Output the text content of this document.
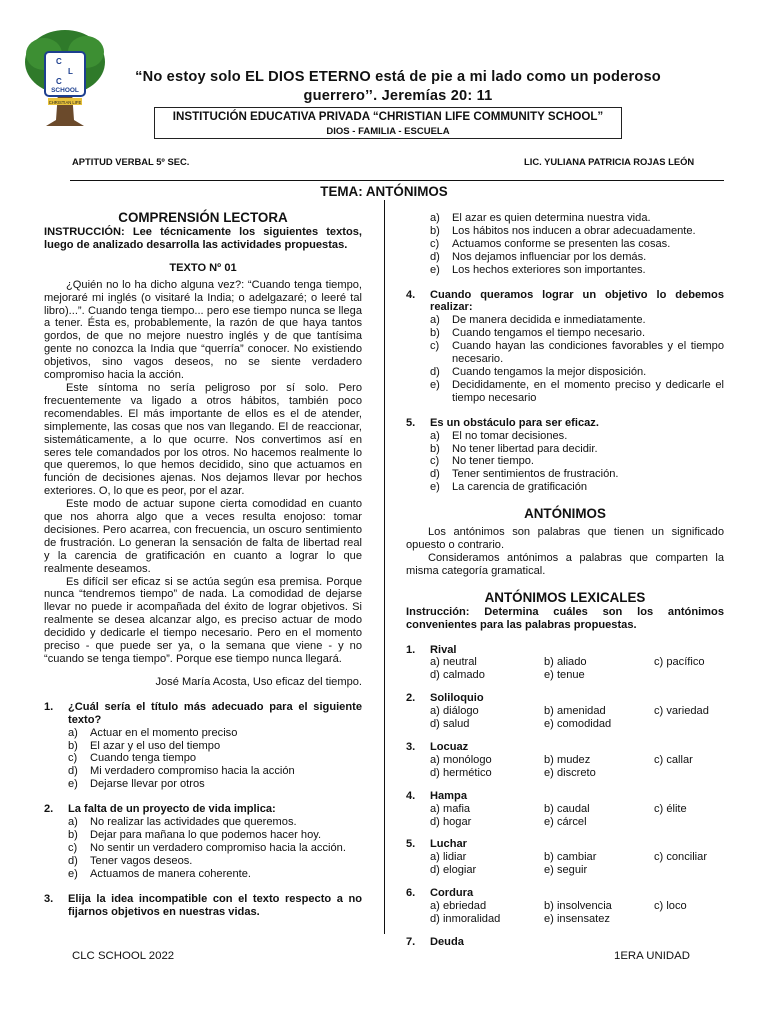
C
L
C
SCHOOL
CHRISTIAN LIFE
“No estoy solo EL DIOS ETERNO está de pie a mi lado como un poderoso guerrero’’. Jeremías 20: 11
INSTITUCIÓN EDUCATIVA PRIVADA “CHRISTIAN LIFE COMMUNITY SCHOOL”
DIOS - FAMILIA - ESCUELA
APTITUD VERBAL 5º SEC.	LIC. YULIANA PATRICIA ROJAS LEÓN
TEMA: ANTÓNIMOS
COMPRENSIÓN LECTORA
INSTRUCCIÓN: Lee técnicamente los siguientes textos, luego de analizado desarrolla las actividades propuestas.
TEXTO Nº 01
¿Quién no lo ha dicho alguna vez?: “Cuando tenga tiempo, mejoraré mi inglés (o visitaré la India; o adelgazaré; o leeré tal libro)...”. Cuando tenga tiempo... pero ese tiempo nunca se llega a tener. Ésta es, probablemente, la razón de que haya tantos gordos, de que no mejore nuestro inglés y de que tantísima gente no conozca la India que “querría” conocer. No existiendo objetivos, sino vagos deseos, no se siente verdadero compromiso hacia la acción.
Este síntoma no sería peligroso por sí solo. Pero frecuentemente va ligado a otros hábitos, también poco recomendables. El más importante de ellos es el de atender, simplemente, las cosas que nos van llegando. El de reaccionar, sistemáticamente, a lo que ocurre. Nos convertimos así en seres tele comandados por los otros. No hacemos realmente lo que queremos, lo que hemos decidido, sino que actuamos en función de decisiones ajenas. Nos dejamos llevar por hechos exteriores. O, lo que es peor, por el azar.
Este modo de actuar supone cierta comodidad en cuanto que nos ahorra algo que a veces resulta enojoso: tomar decisiones. Pero acarrea, con frecuencia, un oscuro sentimiento de frustración. Lo generan la sensación de falta de libertad real y la carencia de gratificación en cuanto a lograr lo que realmente deseamos.
Es difícil ser eficaz si se actúa según esa premisa. Porque nunca “tendremos tiempo” de nada. La comodidad de dejarse llevar no puede ir acompañada del éxito de lograr objetivos. Si realmente se desea alcanzar algo, es preciso actuar de modo decidido y dedicarle el tiempo necesario. Pero en el momento preciso - que puede ser ya, o la semana que viene - y no “cuando se tenga tiempo”. Porque ese tiempo nunca llegará.
José María Acosta, Uso eficaz del tiempo.
1.	¿Cuál sería el título más adecuado para el siguiente texto?
a)	Actuar en el momento preciso
b)	El azar y el uso del tiempo
c)	Cuando tenga tiempo
d)	Mi verdadero compromiso hacia la acción
e)	Dejarse llevar por otros
2.	La falta de un proyecto de vida implica:
a)	No realizar las actividades que queremos.
b)	Dejar para mañana lo que podemos hacer hoy.
c)	No sentir un verdadero compromiso hacia la acción.
d)	Tener vagos deseos.
e)	Actuamos de manera coherente.
3.	Elija la idea incompatible con el texto respecto a no fijarnos objetivos en nuestras vidas.
a)	El azar es quien determina nuestra vida.
b)	Los hábitos nos inducen a obrar adecuadamente.
c)	Actuamos conforme se presenten las cosas.
d)	Nos dejamos influenciar por los demás.
e)	Los hechos exteriores son importantes.
4.	Cuando queramos lograr un objetivo lo debemos realizar:
a)	De manera decidida e inmediatamente.
b)	Cuando tengamos el tiempo necesario.
c)	Cuando hayan las condiciones favorables y el tiempo necesario.
d)	Cuando tengamos la mejor disposición.
e)	Decididamente, en el momento preciso y dedicarle el tiempo necesario
5.	Es un obstáculo para ser eficaz.
a)	El no tomar decisiones.
b)	No tener libertad para decidir.
c)	No tener tiempo.
d)	Tener sentimientos de frustración.
e)	La carencia de gratificación
ANTÓNIMOS
Los antónimos son palabras que tienen un significado opuesto o contrario.
Consideramos antónimos a palabras que comparten la misma categoría gramatical.
ANTÓNIMOS LEXICALES
Instrucción: Determina cuáles son los antónimos convenientes para las palabras propuestas.
1.	Rival
a) neutral	b) aliado	c) pacífico
d) calmado	e) tenue
2.	Soliloquio
a) diálogo	b) amenidad	c) variedad
d) salud	e) comodidad
3.	Locuaz
a) monólogo	b) mudez	c) callar
d) hermético	e) discreto
4.	Hampa
a) mafia	b) caudal	c) élite
d) hogar	e) cárcel
5.	Luchar
a) lidiar	b) cambiar	c) conciliar
d) elogiar	e) seguir
6.	Cordura
a) ebriedad	b) insolvencia	c) loco
d) inmoralidad	e) insensatez
7.	Deuda
CLC SCHOOL 2022	1ERA UNIDAD
